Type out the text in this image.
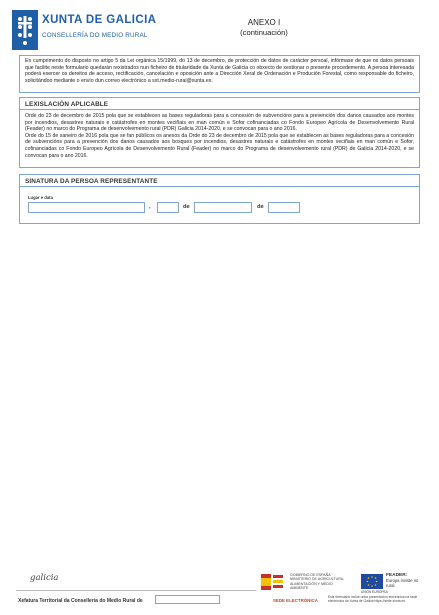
XUNTA DE GALICIA
CONSELLERÍA DO MEDIO RURAL
ANEXO I
(continuación)

En cumprimento do disposto no artigo 5 da Lei orgánica 15/1999, do 13 de decembro, de protección de datos de carácter persoal, infórmase de que os datos persoais que facilite neste formulario quedarán rexistrados nun ficheiro de titularidade da Xunta de Galicia co obxecto de xestionar o presente procedemento. A persoa interesada poderá exercer os dereitos de acceso, rectificación, cancelación e oposición ante a Dirección Xeral de Ordenación e Produción Forestal, como responsable do ficheiro, solicitándoo mediante o envío dun correo electrónico a sxt.medio-rural@xunta.es.

LEXISLACIÓN APLICABLE

Orde do 23 de decembro de 2015 pola que se establecen as bases reguladoras para a concesión de subvencións para a prevención dos danos causados aos montes por incendios, desastres naturais e catástrofes en montes veciñais en man común e Sofor cofinanciadas co Fondo Europeo Agrícola de Desenvolvemento Rural (Feader) no marco do Programa de desenvolvemento rural (PDR) Galicia 2014-2020, e se convocan para o ano 2016.

Orde do 15 de xaneiro de 2016 pola que se fan públicos os anexos da Orde do 23 de decembro de 2015 pola que se establecen as bases reguladoras para a concesión de subvencións para a prevención dos danos causados aos bosques por incendios, desastres naturais e catástrofes en montes veciñais en man común e Sofor, cofinanciadas co Fondo Europeo Agrícola de Desenvolvemento Rural (Feader) no marco do Programa de desenvolvemento rural (PDR) de Galicia 2014-2020, e se convocan para o ano 2016.

SINATURA DA PERSOA REPRESENTANTE
Lugar e data
,	de	de
galicia
Xefatura Territorial da Consellería do Medio Rural de
GOBIERNO DE ESPAÑA · MINISTERIO DE AGRICULTURA, ALIMENTACIÓN Y MEDIO AMBIENTE
UNIÓN EUROPEA
FEADER:
Europa inviste no rural
SEDE ELECTRÓNICA
Este formulario inclúe unha presentación electrónica na sede electrónica da Xunta de Galicia https://sede.xunta.es
